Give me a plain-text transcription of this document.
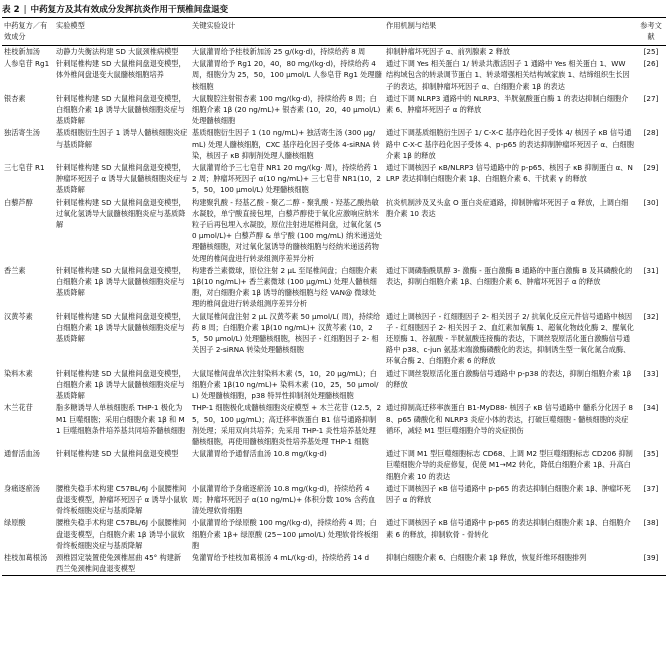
表 2 | 中药复方及其有效成分发挥抗炎作用干预椎间盘退变
中药复方／有效成分	实验模型	关键实验设计	作用机制与结果	参考文献
桂枝新加汤	动静力失衡法构建 SD 大鼠颈椎病模型	大鼠灌胃给予桂枝新加汤 25 g/(kg·d)，持续给药 8 周	抑制肿瘤坏死因子 α、前列腺素 2 释放	[25]
人参皂苷 Rg1	针刺尾椎构建 SD 大鼠椎间盘退变模型，体外椎间盘退变大鼠髓核细胞培养	大鼠灌胃给予 Rg1 20，40，80 mg/(kg·d)，持续给药 4 周，细胞分为 25，50，100 μmol/L 人参皂苷 Rg1 处理髓核细胞	通过下调 Yes 相关蛋白 1/ 转录共激活因子 1 通路中 Yes 相关蛋白 1、WW 结构域包含的转录调节蛋白 1、转录增强相关结构域家族 1、结缔组织生长因子的表达，抑制肿瘤坏死因子 α、白细胞介素 1β 的表达	[26]
银杏素	针刺尾椎构建 SD 大鼠椎间盘退变模型，白细胞介素 1β 诱导大鼠髓核细胞炎症与基质降解	大鼠腹腔注射银杏素 100 mg/(kg·d)，持续给药 8 周；白细胞介素 1β (20 ng/mL)+ 银杏素 (10，20，40 μmol/L) 处理髓核细胞	通过下调 NLRP3 通路中的 NLRP3、半胱氨酸蛋白酶 1 的表达抑制白细胞介素 6、肿瘤坏死因子 α 的释放	[27]
独活寄生汤	基质细胞衍生因子 1 诱导人髓核细胞炎症与基质降解	基质细胞衍生因子 1 (10 ng/mL)+ 独活寄生汤 (300 μg/mL) 处理人髓核细胞，CXC 基序趋化因子受体 4-siRNA 转染，核因子 κB 抑制剂处理人髓核细胞	通过下调基质细胞衍生因子 1/ C-X-C 基序趋化因子受体 4/ 核因子 κB 信号通路中 C-X-C 基序趋化因子受体 4、p-p65 的表达抑制肿瘤坏死因子 α、白细胞介素 1β 的释放	[28]
三七皂苷 R1	针刺尾椎构建 SD 大鼠椎间盘退变模型，肿瘤坏死因子 α 诱导大鼠髓核细胞炎症与基质降解	大鼠灌胃给予三七皂苷 NR1 20 mg/(kg· 周)，持续给药 12 周；肿瘤坏死因子 α(10 ng/mL)+ 三七皂苷 NR1(10，25，50，100 μmol/L) 处理髓核细胞	通过下调核因子 κB/NLRP3 信号通路中的 p-p65、核因子 κB 抑制蛋白 α、NLRP 表达抑制白细胞介素 1β、白细胞介素 6、干扰素 γ 的释放	[29]
白藜芦醇	针刺尾椎构建 SD 大鼠椎间盘退变模型，过氧化氢诱导大鼠髓核细胞炎症与基质降解	构建聚乳酸 - 羟基乙酸 - 聚乙二醇 - 聚乳酸 - 羟基乙酸热敏水凝胶，单宁酸直接包埋，白藜芦醇使于氧化应激响应纳米粒子后再包埋入水凝胶，原位注射进尾椎间盘，过氧化氢 (50 μmol/L)+ 白藜芦醇 & 单宁酸 (100 mg/mL) 纳米递送处理髓核细胞，对过氧化氢诱导的髓核细胞与经纳米递送药物处理的椎间盘进行转录组测序差异分析	抗炎机制涉及叉头盒 O 蛋白炎症通路，抑制肿瘤坏死因子 α 释放，上调白细胞介素 10 表达	[30]
香兰素	针刺尾椎构建 SD 大鼠椎间盘退变模型，白细胞介素 1β 诱导大鼠髓核细胞炎症与基质降解	构建香兰素微球，原位注射 2 μL 至尾椎间盘；白细胞介素 1β(10 ng/mL)+ 香兰素微球 (100 μg/mL) 处理人髓核细胞，对白细胞介素 1β 诱导的髓核细胞与经 VAN@ 微球处理的椎间盘进行转录组测序差异分析	通过下调磷脂酰肌醇 3- 激酶 - 蛋白激酶 B 通路的中蛋白激酶 B 及其磷酸化的表达，抑制白细胞介素 1β、白细胞介素 6、肿瘤坏死因子 α 的释放	[31]
汉黄芩素	针刺尾椎构建 SD 大鼠椎间盘退变模型，白细胞介素 1β 诱导大鼠髓核细胞炎症与基质降解	大鼠尾椎间盘注射 2 μL 汉黄芩素 50 μmol/L( 周)，持续给药 8 周；白细胞介素 1β(10 ng/mL)+ 汉黄芩素 (10，25，50 μmol/L) 处理髓核细胞，核因子 - 红细胞因子 2- 相关因子 2-siRNA 转染处理髓核细胞	通过上调核因子 - 红细胞因子 2- 相关因子 2/ 抗氧化反应元件信号通路中核因子 - 红细胞因子 2- 相关因子 2、血红素加氧酶 1、超氧化物歧化酶 2、醌氧化还原酶 1、谷氨酸 - 半胱氨酸连接酶的表达，下调丝裂原活化蛋白激酶信号通路中 p38、c-jun 氨基末端激酶磷酸化的表达，抑制诱生型一氧化氮合成酶、环氧合酶 2、白细胞介素 6 的释放	[32]
染料木素	针刺尾椎构建 SD 大鼠椎间盘退变模型，白细胞介素 1β 诱导大鼠髓核细胞炎症与基质降解	大鼠尾椎间盘单次注射染料木素 (5，10，20 μg/mL)；白细胞介素 1β(10 ng/mL)+ 染料木素 (10，25，50 μmol/L) 处理髓核细胞，p38 特异性抑制剂处理髓核细胞	通过下调丝裂原活化蛋白激酶信号通路中 p-p38 的表达，抑制白细胞介素 1β 的释放	[33]
木兰花苷	脂多糖诱导人单核细胞系 THP-1 极化为 M1 巨噬细胞；采用白细胞介素 1β 和 M1 巨噬细胞条件培养基共同培养髓核细胞	THP-1 细胞极化成髓核细胞炎症模型 + 木兰花苷 (12.5，25，50，100 μg/mL)；高迁移率族蛋白 B1 信号通路抑制剂处理；采用双向共培养；先采用 THP-1 炎性培养基处理髓核细胞，再使用髓核细胞炎性培养基处理 THP-1 细胞	通过抑制高迁移率族蛋白 B1-MyD88- 核因子 κB 信号通路中 髓系分化因子 88、p65 磷酸化和 NLRP3 炎症小体的表达，打破巨噬细胞 - 髓核细胞的炎症循环，减轻 M1 型巨噬细胞介导的炎症损伤	[34]
通督活血汤	针刺尾椎构建 SD 大鼠椎间盘退变模型	大鼠灌胃给予通督活血汤 10.8 mg/(kg·d)	通过下调 M1 型巨噬细胞标志 CD68、上调 M2 型巨噬细胞标志 CD206 抑制巨噬细胞介导的炎症修复，促使 M1→M2 转化，降低白细胞介素 1β、升高白细胞介素 10 的表达	[35]
身痛逐瘀汤	腰椎失稳手术构建 C57BL/6J 小鼠腰椎间盘退变模型，肿瘤坏死因子 α 诱导小鼠软骨终板细胞炎症与基质降解	小鼠灌胃给予身痛逐瘀汤 10.8 mg/(kg·d)，持续给药 4 周；肿瘤坏死因子 α(10 ng/mL)+ 体积分数 10% 含药血清处理软骨细胞	通过下调核因子 κB 信号通路中 p-p65 的表达抑制白细胞介素 1β、肿瘤坏死因子 α 的释放	[37]
绿原酸	腰椎失稳手术构建 C57BL/6J 小鼠腰椎间盘退变模型，白细胞介素 1β 诱导小鼠软骨终板细胞炎症与基质降解	小鼠灌胃给予绿原酸 100 mg/(kg·d)，持续给药 4 周；白细胞介素 1β+ 绿原酸 (25~100 μmol/L) 处理软骨终板细胞	通过下调核因子 κB 信号通路中 p-p65 的表达抑制白细胞介素 1β、白细胞介素 6 的释放，抑制软骨 - 骨转化	[38]
桂枝加葛根汤	颈椎固定装置使兔颈椎屈曲 45° 构建新西兰兔颈椎间盘退变模型	兔灌胃给予桂枝加葛根汤 4 mL/(kg·d)，持续给药 14 d	抑制白细胞介素 6、白细胞介素 1β 释放，恢复纤维环细胞排列	[39]
